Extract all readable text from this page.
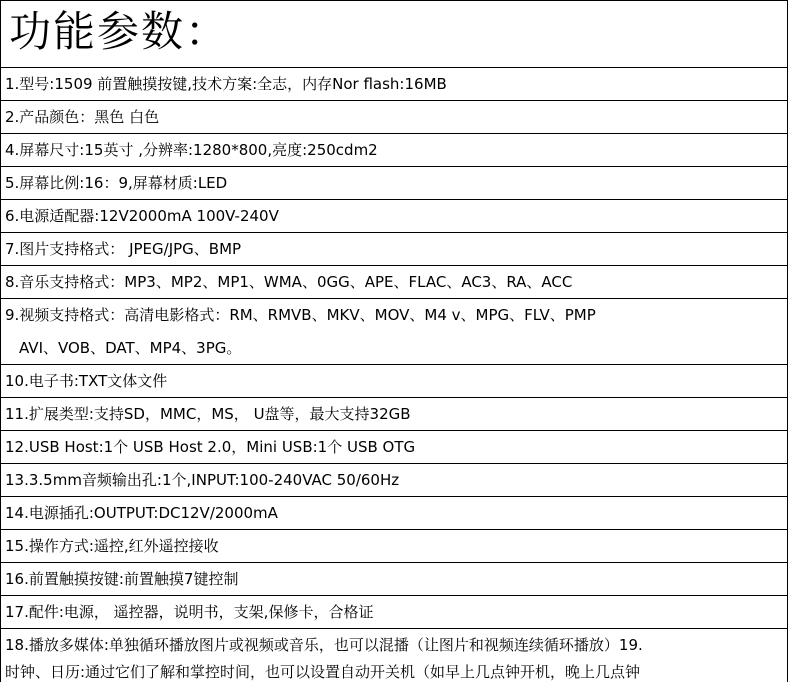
功能参数：
1.型号:1509 前置触摸按键,技术方案:全志，内存Nor flash:16MB
2.产品颜色：黑色 白色
4.屏幕尺寸:15英寸 ,分辨率:1280*800,亮度:250cdm2
5.屏幕比例:16：9,屏幕材质:LED
6.电源适配器:12V2000mA 100V-240V
7.图片支持格式： JPEG/JPG、BMP
8.音乐支持格式：MP3、MP2、MP1、WMA、0GG、APE、FLAC、AC3、RA、ACC
9.视频支持格式：高清电影格式：RM、RMVB、MKV、MOV、M4 v、MPG、FLV、PMP
AVI、VOB、DAT、MP4、3PG。
10.电子书:TXT文体文件
11.扩展类型:支持SD，MMC，MS， U盘等，最大支持32GB
12.USB Host:1个 USB Host 2.0，Mini USB:1个 USB OTG
13.3.5mm音频输出孔:1个,INPUT:100-240VAC 50/60Hz
14.电源插孔:OUTPUT:DC12V/2000mA
15.操作方式:遥控,红外遥控接收
16.前置触摸按键:前置触摸7键控制
17.配件:电源， 遥控器，说明书，支架,保修卡，合格证
18.播放多媒体:单独循环播放图片或视频或音乐，也可以混播（让图片和视频连续循环播放）19.
时钟、日历:通过它们了解和掌控时间，也可以设置自动开关机（如早上几点钟开机，晚上几点钟
